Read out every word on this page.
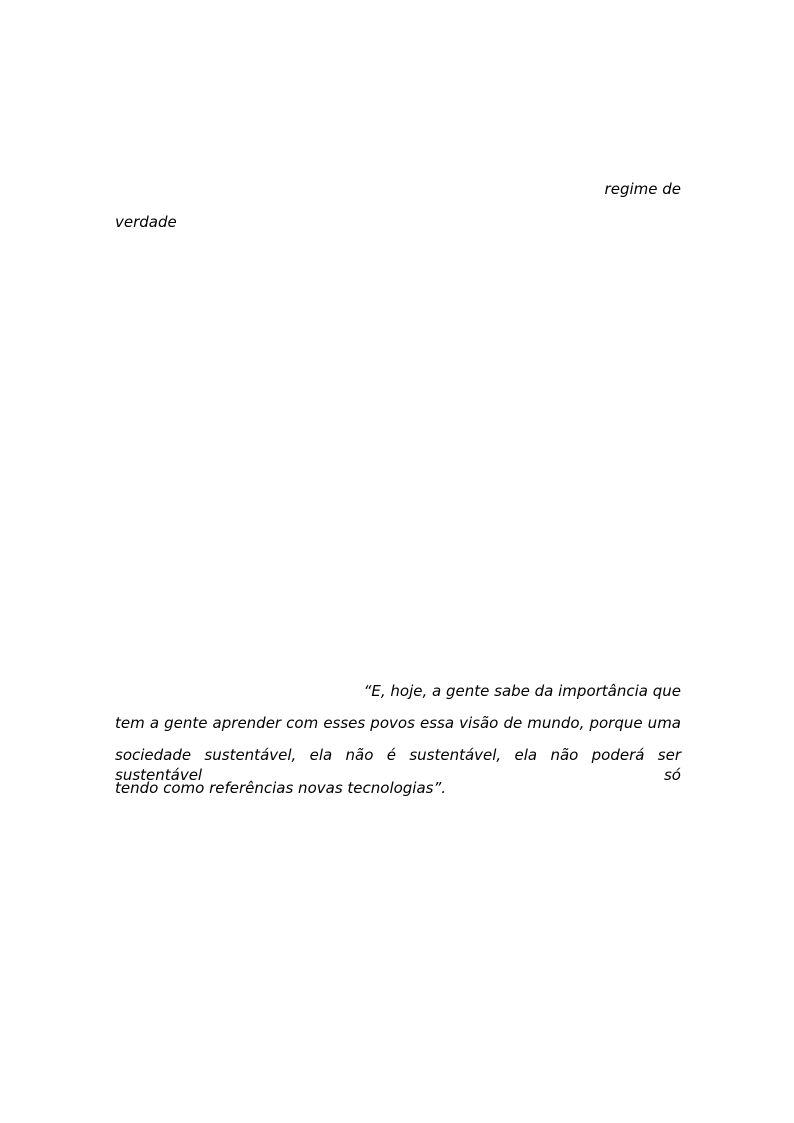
regime de
verdade
“E, hoje, a gente sabe da importância que
tem a gente aprender com esses povos essa visão de mundo, porque uma
sociedade sustentável, ela não é sustentável, ela não poderá ser sustentável só
tendo como referências novas tecnologias”.
